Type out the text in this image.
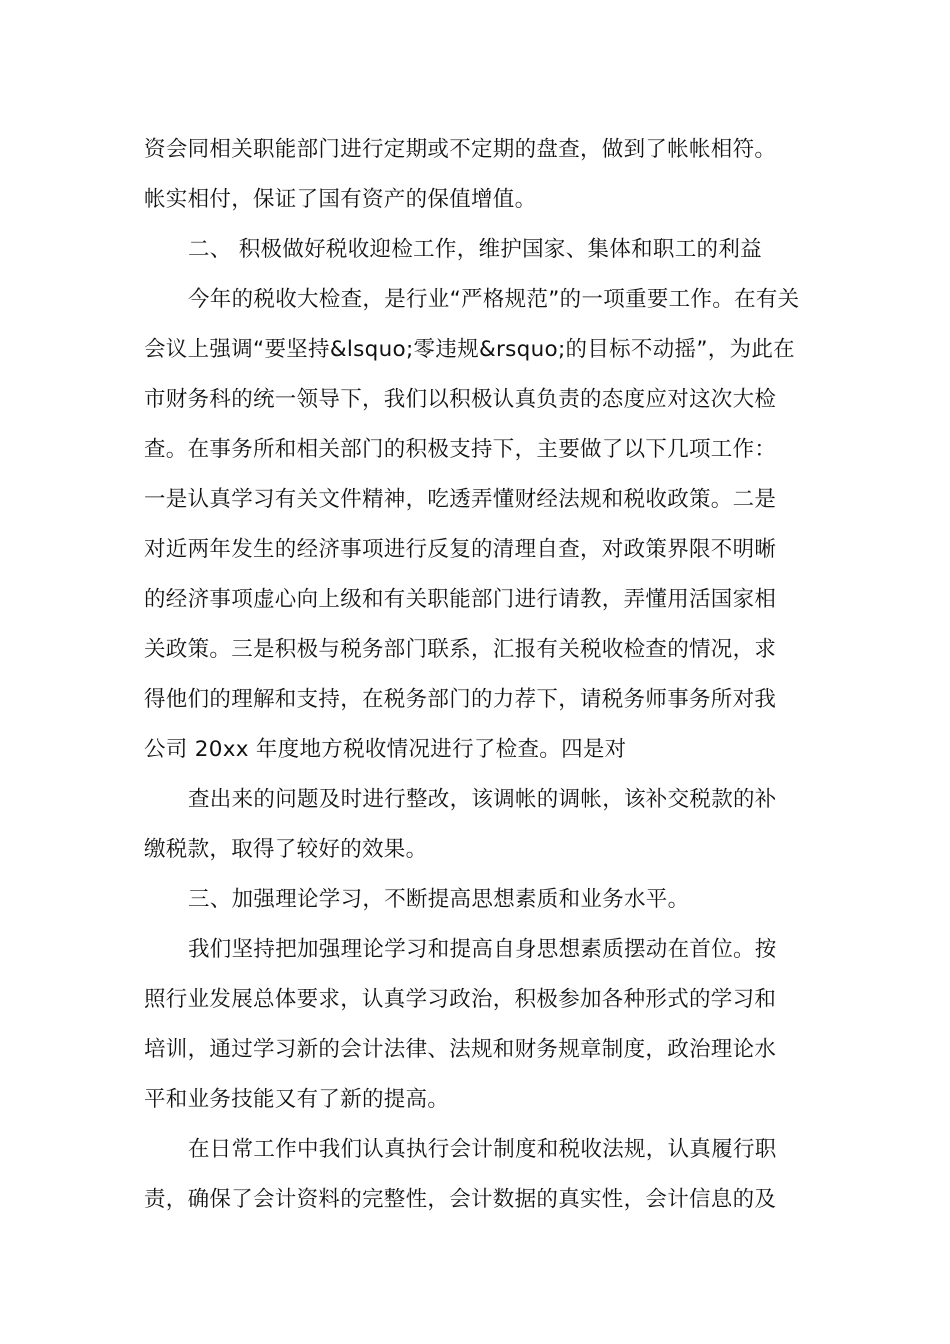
资会同相关职能部门进行定期或不定期的盘查，做到了帐帐相符。
帐实相付，保证了国有资产的保值增值。
二、 积极做好税收迎检工作，维护国家、集体和职工的利益
今年的税收大检查，是行业“严格规范”的一项重要工作。在有关
会议上强调“要坚持&lsquo;零违规&rsquo;的目标不动摇”，为此在
市财务科的统一领导下，我们以积极认真负责的态度应对这次大检
查。在事务所和相关部门的积极支持下，主要做了以下几项工作：
一是认真学习有关文件精神，吃透弄懂财经法规和税收政策。二是
对近两年发生的经济事项进行反复的清理自查，对政策界限不明晰
的经济事项虚心向上级和有关职能部门进行请教，弄懂用活国家相
关政策。三是积极与税务部门联系，汇报有关税收检查的情况，求
得他们的理解和支持，在税务部门的力荐下，请税务师事务所对我
公司 20xx 年度地方税收情况进行了检查。四是对
查出来的问题及时进行整改，该调帐的调帐，该补交税款的补
缴税款，取得了较好的效果。
三、加强理论学习，不断提高思想素质和业务水平。
我们坚持把加强理论学习和提高自身思想素质摆动在首位。按
照行业发展总体要求，认真学习政治，积极参加各种形式的学习和
培训，通过学习新的会计法律、法规和财务规章制度，政治理论水
平和业务技能又有了新的提高。
在日常工作中我们认真执行会计制度和税收法规，认真履行职
责，确保了会计资料的完整性，会计数据的真实性，会计信息的及
